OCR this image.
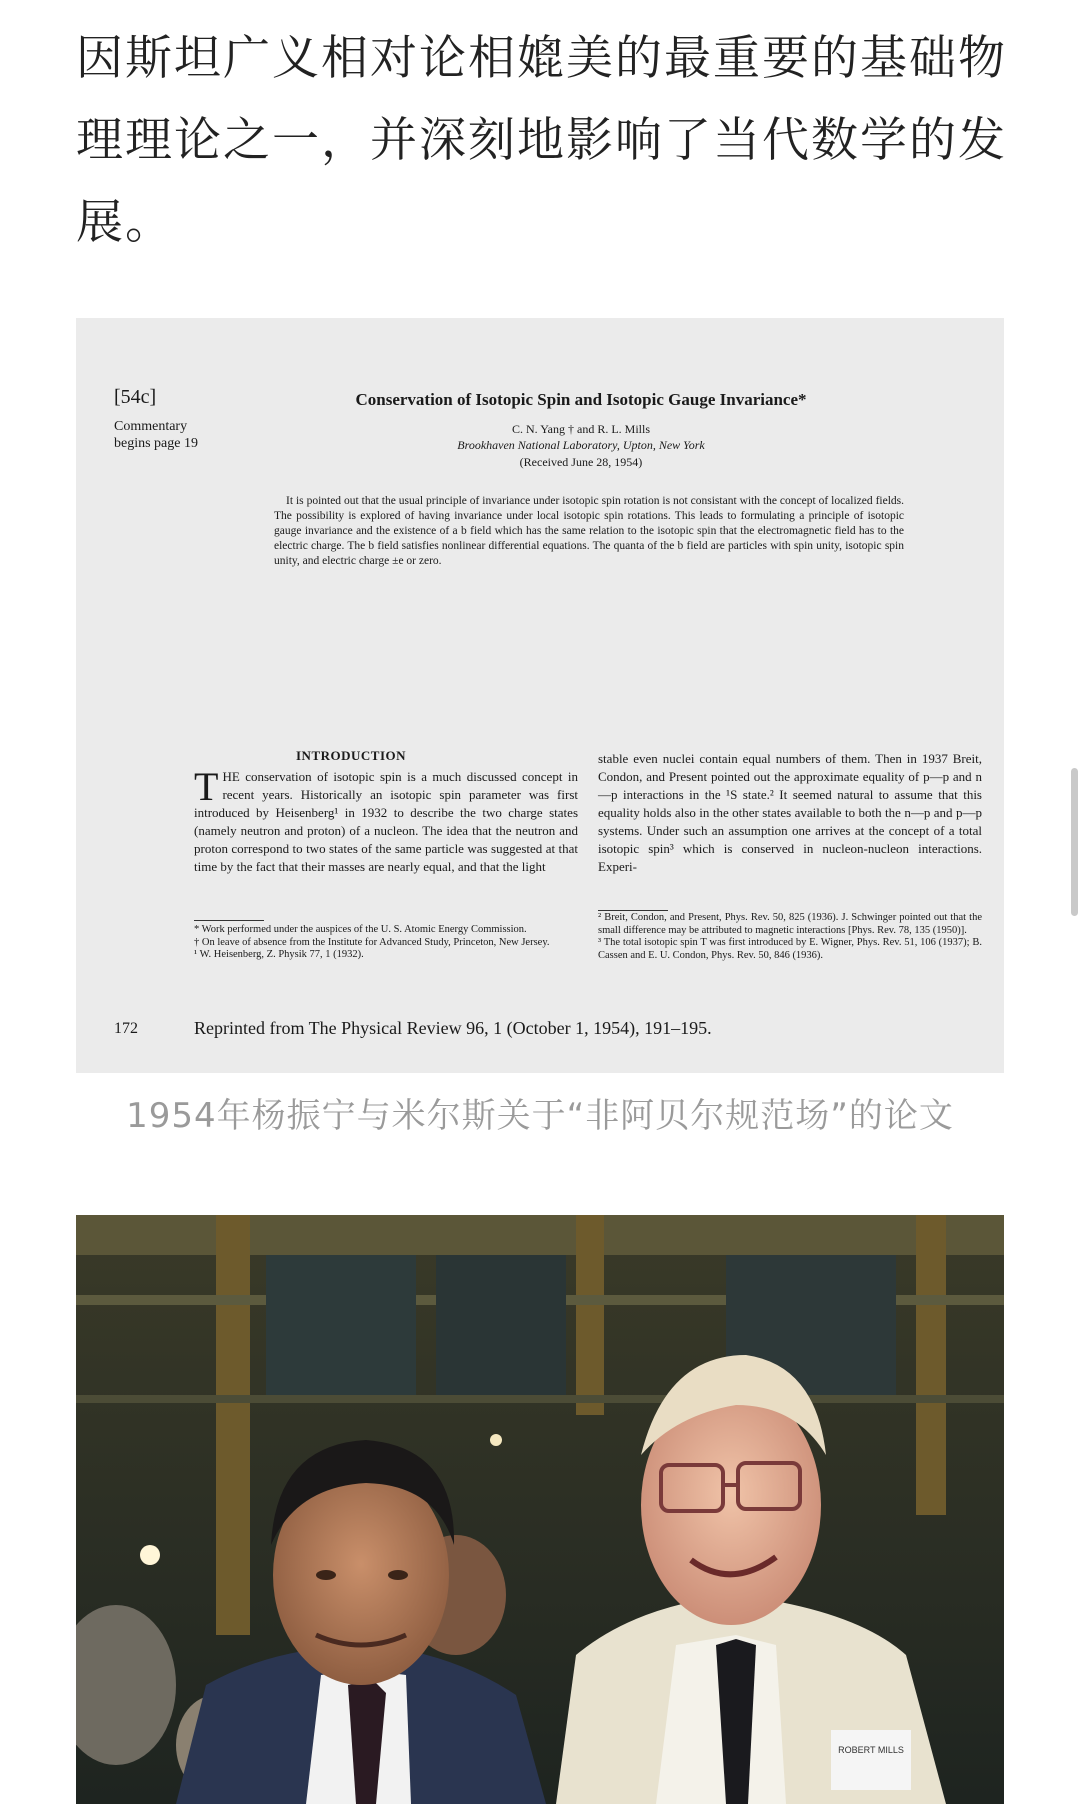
因斯坦广义相对论相媲美的最重要的基础物理理论之一，并深刻地影响了当代数学的发展。
[54c]
Commentary begins page 19
Conservation of Isotopic Spin and Isotopic Gauge Invariance*
C. N. Yang † and R. L. Mills
Brookhaven National Laboratory, Upton, New York
(Received June 28, 1954)
It is pointed out that the usual principle of invariance under isotopic spin rotation is not consistant with the concept of localized fields. The possibility is explored of having invariance under local isotopic spin rotations. This leads to formulating a principle of isotopic gauge invariance and the existence of a b field which has the same relation to the isotopic spin that the electromagnetic field has to the electric charge. The b field satisfies nonlinear differential equations. The quanta of the b field are particles with spin unity, isotopic spin unity, and electric charge ±e or zero.
INTRODUCTION
THE conservation of isotopic spin is a much discussed concept in recent years. Historically an isotopic spin parameter was first introduced by Heisenberg¹ in 1932 to describe the two charge states (namely neutron and proton) of a nucleon. The idea that the neutron and proton correspond to two states of the same particle was suggested at that time by the fact that their masses are nearly equal, and that the light
stable even nuclei contain equal numbers of them. Then in 1937 Breit, Condon, and Present pointed out the approximate equality of p—p and n—p interactions in the ¹S state.² It seemed natural to assume that this equality holds also in the other states available to both the n—p and p—p systems. Under such an assumption one arrives at the concept of a total isotopic spin³ which is conserved in nucleon-nucleon interactions. Experi-
* Work performed under the auspices of the U. S. Atomic Energy Commission.
† On leave of absence from the Institute for Advanced Study, Princeton, New Jersey.
¹ W. Heisenberg, Z. Physik 77, 1 (1932).
² Breit, Condon, and Present, Phys. Rev. 50, 825 (1936). J. Schwinger pointed out that the small difference may be attributed to magnetic interactions [Phys. Rev. 78, 135 (1950)].
³ The total isotopic spin T was first introduced by E. Wigner, Phys. Rev. 51, 106 (1937); B. Cassen and E. U. Condon, Phys. Rev. 50, 846 (1936).
172	Reprinted from The Physical Review 96, 1 (October 1, 1954), 191–195.
1954年杨振宁与米尔斯关于“非阿贝尔规范场”的论文
ROBERT MILLS
